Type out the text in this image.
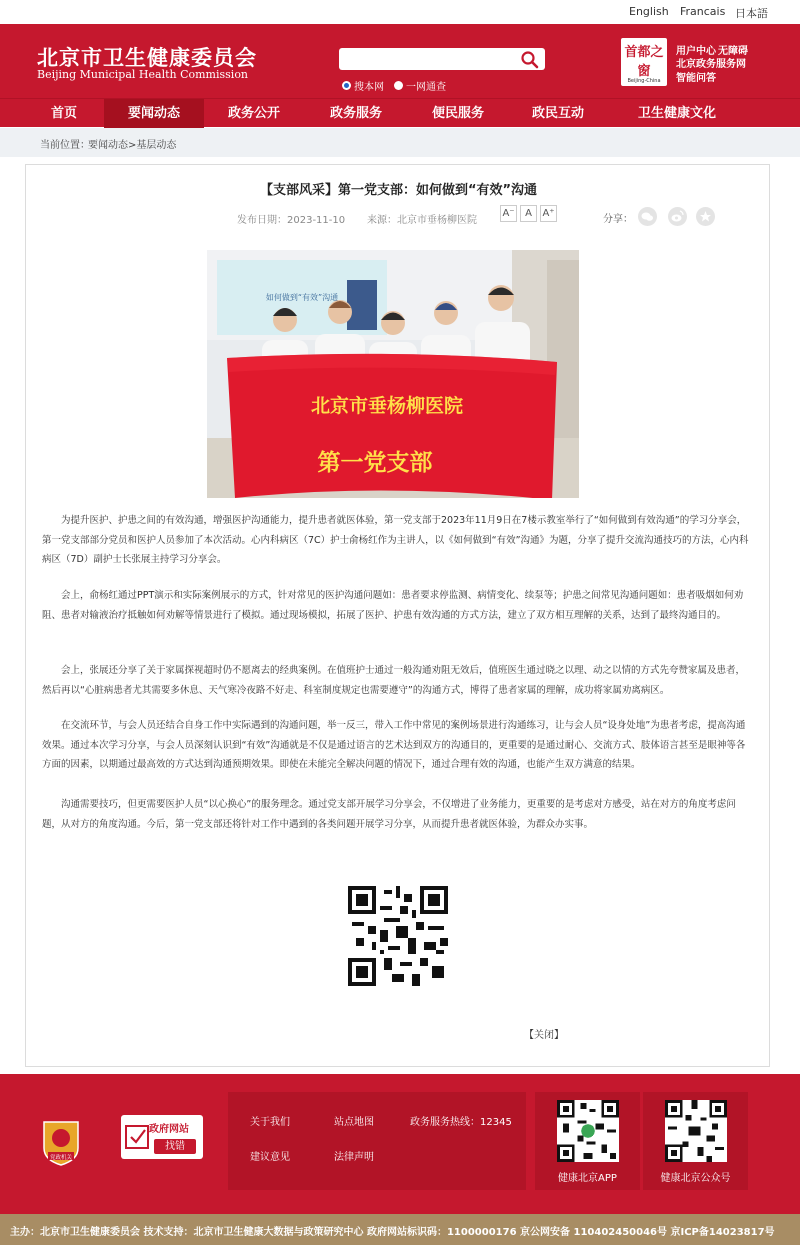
English Francais 日本語
北京市卫生健康委员会
Beijing Municipal Health Commission
搜本网 一网通查
首都之窗
Beijing-China
用户中心 无障碍
北京政务服务网
智能问答
首页	要闻动态	政务公开	政务服务	便民服务	政民互动	卫生健康文化
当前位置：
要闻动态>基层动态
【支部风采】第一党支部：如何做到“有效”沟通
发布日期：2023-11-10 来源：北京市垂杨柳医院
A⁻	A	A⁺
分享：
如何做到“有效”沟通
北京市垂杨柳医院
第一党支部
为提升医护、护患之间的有效沟通，增强医护沟通能力，提升患者就医体验，第一党支部于2023年11月9日在7楼示教室举行了“如何做到有效沟通”的学习分享会，第一党支部部分党员和医护人员参加了本次活动。心内科病区（7C）护士俞杨红作为主讲人，以《如何做到“有效”沟通》为题，分享了提升交流沟通技巧的方法，心内科病区（7D）副护士长张展主持学习分享会。
会上，俞杨红通过PPT演示和实际案例展示的方式，针对常见的医护沟通问题如：患者要求停监测、病情变化、续泵等；护患之间常见沟通问题如：患者吸烟如何劝阻、患者对输液治疗抵触如何劝解等情景进行了模拟。通过现场模拟，拓展了医护、护患有效沟通的方式方法，建立了双方相互理解的关系，达到了最终沟通目的。
会上，张展还分享了关于家属探视超时仍不愿离去的经典案例。在值班护士通过一般沟通劝阻无效后，值班医生通过晓之以理、动之以情的方式先夸赞家属及患者，然后再以“心脏病患者尤其需要多休息、天气寒冷夜路不好走、科室制度规定也需要遵守”的沟通方式，博得了患者家属的理解，成功将家属劝离病区。
在交流环节，与会人员还结合自身工作中实际遇到的沟通问题，举一反三，带入工作中常见的案例场景进行沟通练习，让与会人员“设身处地”为患者考虑，提高沟通效果。通过本次学习分享，与会人员深刻认识到“有效”沟通就是不仅是通过语言的艺术达到双方的沟通目的，更重要的是通过耐心、交流方式、肢体语言甚至是眼神等各方面的因素，以期通过最高效的方式达到沟通预期效果。即使在未能完全解决问题的情况下，通过合理有效的沟通，也能产生双方满意的结果。
沟通需要技巧，但更需要医护人员“以心换心”的服务理念。通过党支部开展学习分享会，不仅增进了业务能力，更重要的是考虑对方感受，站在对方的角度考虑问题，从对方的角度沟通。今后，第一党支部还将针对工作中遇到的各类问题开展学习分享，从而提升患者就医体验，为群众办实事。
【关闭】
党政机关
政府网站
找错
关于我们	站点地图	政务服务热线：12345
建议意见	法律声明
健康北京APP	健康北京公众号
主办：北京市卫生健康委员会 技术支持：北京市卫生健康大数据与政策研究中心 政府网站标识码：1100000176 京公网安备 110402450046号 京ICP备14023817号
